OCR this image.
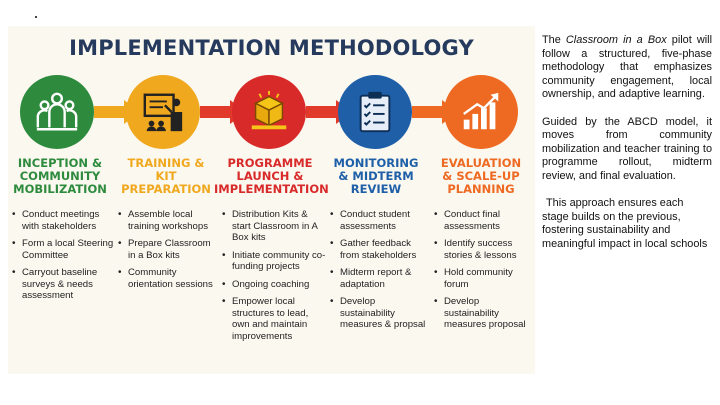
IMPLEMENTATION METHODOLOGY
INCEPTION &
COMMUNITY
MOBILIZATION
• Conduct meetings with stakeholders
• Form a local Steering Committee
• Carryout baseline surveys & needs assessment
TRAINING &
KIT
PREPARATION
• Assemble local training workshops
• Prepare Classroom in a Box kits
• Community orientation sessions
PROGRAMME
LAUNCH &
IMPLEMENTATION
• Distribution Kits & start Classroom in A Box kits
• Initiate community co-funding projects
• Ongoing coaching
• Empower local structures to lead, own and maintain improvements
MONITORING
& MIDTERM
REVIEW
• Conduct student assessments
• Gather feedback from stakeholders
• Midterm report & adaptation
• Develop sustainability measures & propsal
EVALUATION
& SCALE-UP
PLANNING
• Conduct final assessments
• Identify success stories & lessons
• Hold community forum
• Develop sustainability measures proposal

The Classroom in a Box pilot will follow a structured, five-phase methodology that emphasizes community engagement, local ownership, and adaptive learning.

Guided by the ABCD model, it moves from community mobilization and teacher training to programme rollout, midterm review, and final evaluation.

This approach ensures each stage builds on the previous, fostering sustainability and meaningful impact in local schools
